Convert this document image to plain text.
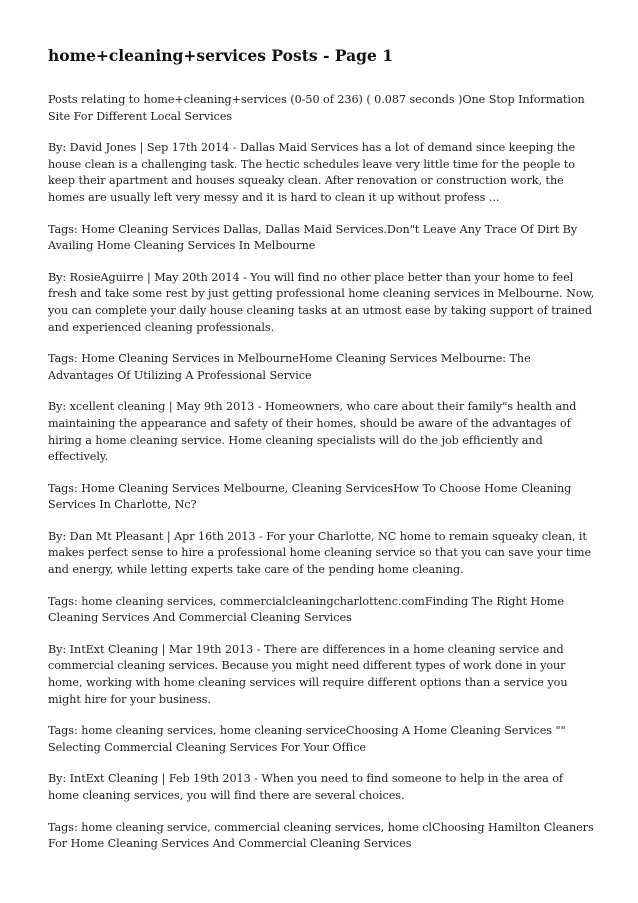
home+cleaning+services Posts - Page 1

Posts relating to home+cleaning+services (0-50 of 236) ( 0.087 seconds )One Stop Information Site For Different Local Services

By: David Jones | Sep 17th 2014 - Dallas Maid Services has a lot of demand since keeping the house clean is a challenging task. The hectic schedules leave very little time for the people to keep their apartment and houses squeaky clean. After renovation or construction work, the homes are usually left very messy and it is hard to clean it up without profess ...

Tags: Home Cleaning Services Dallas, Dallas Maid Services.Don"t Leave Any Trace Of Dirt By Availing Home Cleaning Services In Melbourne

By: RosieAguirre | May 20th 2014 - You will find no other place better than your home to feel fresh and take some rest by just getting professional home cleaning services in Melbourne. Now, you can complete your daily house cleaning tasks at an utmost ease by taking support of trained and experienced cleaning professionals.

Tags: Home Cleaning Services in MelbourneHome Cleaning Services Melbourne: The Advantages Of Utilizing A Professional Service

By: xcellent cleaning | May 9th 2013 - Homeowners, who care about their family"s health and maintaining the appearance and safety of their homes, should be aware of the advantages of hiring a home cleaning service. Home cleaning specialists will do the job efficiently and effectively.

Tags: Home Cleaning Services Melbourne, Cleaning ServicesHow To Choose Home Cleaning Services In Charlotte, Nc?

By: Dan Mt Pleasant | Apr 16th 2013 - For your Charlotte, NC home to remain squeaky clean, it makes perfect sense to hire a professional home cleaning service so that you can save your time and energy, while letting experts take care of the pending home cleaning.

Tags: home cleaning services, commercialcleaningcharlottenc.comFinding The Right Home Cleaning Services And Commercial Cleaning Services

By: IntExt Cleaning | Mar 19th 2013 - There are differences in a home cleaning service and commercial cleaning services. Because you might need different types of work done in your home, working with home cleaning services will require different options than a service you might hire for your business.

Tags: home cleaning services, home cleaning serviceChoosing A Home Cleaning Services "" Selecting Commercial Cleaning Services For Your Office

By: IntExt Cleaning | Feb 19th 2013 - When you need to find someone to help in the area of home cleaning services, you will find there are several choices.

Tags: home cleaning service, commercial cleaning services, home clChoosing Hamilton Cleaners For Home Cleaning Services And Commercial Cleaning Services
